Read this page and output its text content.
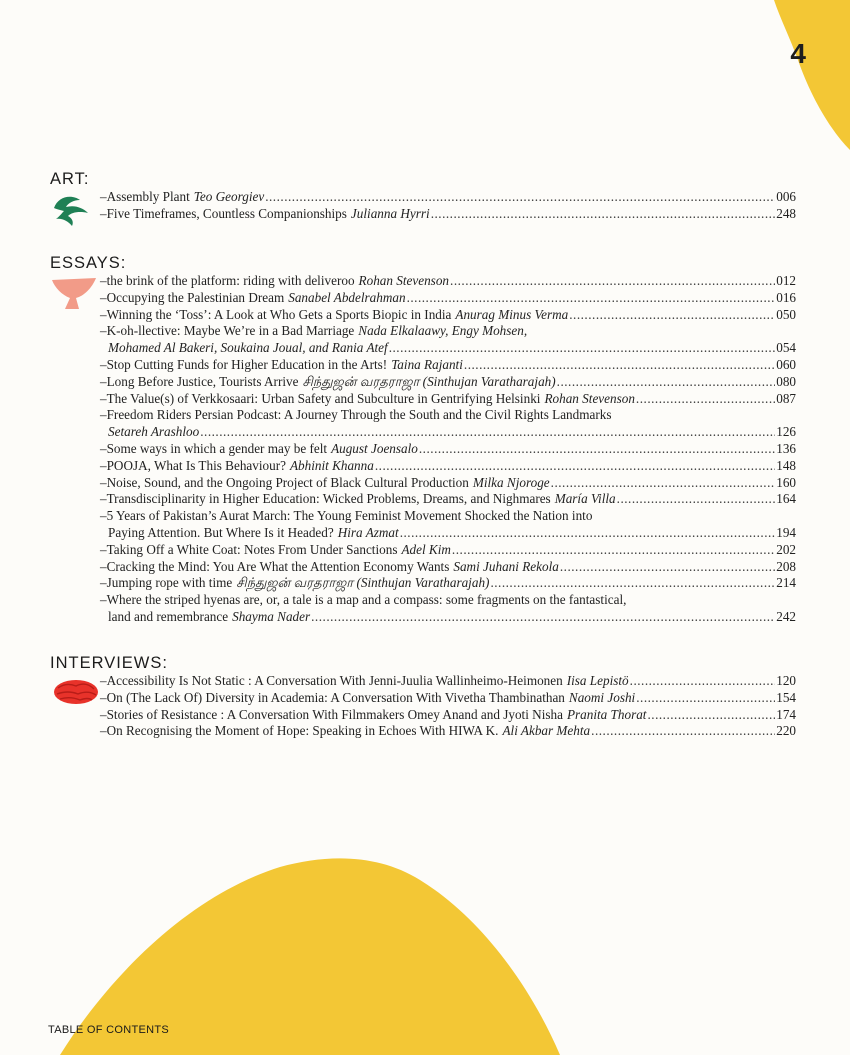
4
ART:
–Assembly Plant Teo Georgiev .....	006
–Five Timeframes, Countless Companionships Julianna Hyrri .....	248
ESSAYS:
–the brink of the platform: riding with deliveroo Rohan Stevenson .....	012
–Occupying the Palestinian Dream Sanabel Abdelrahman .....	016
–Winning the ‘Toss’: A Look at Who Gets a Sports Biopic in India Anurag Minus Verma .....	050
–K-oh-llective: Maybe We’re in a Bad Marriage Nada Elkalaawy, Engy Mohsen,
Mohamed Al Bakeri, Soukaina Joual, and Rania Atef .....	054
–Stop Cutting Funds for Higher Education in the Arts! Taina Rajanti .....	060
–Long Before Justice, Tourists Arrive சிந்துஜன் வரதராஜா (Sinthujan Varatharajah) .....	080
–The Value(s) of Verkkosaari: Urban Safety and Subculture in Gentrifying Helsinki Rohan Stevenson .....	087
–Freedom Riders Persian Podcast: A Journey Through the South and the Civil Rights Landmarks
Setareh Arashloo .....	126
–Some ways in which a gender may be felt August Joensalo .....	136
–POOJA, What Is This Behaviour? Abhinit Khanna .....	148
–Noise, Sound, and the Ongoing Project of Black Cultural Production Milka Njoroge .....	160
–Transdisciplinarity in Higher Education: Wicked Problems, Dreams, and Nighmares María Villa .....	164
–5 Years of Pakistan’s Aurat March: The Young Feminist Movement Shocked the Nation into
Paying Attention. But Where Is it Headed? Hira Azmat .....	194
–Taking Off a White Coat: Notes From Under Sanctions Adel Kim .....	202
–Cracking the Mind: You Are What the Attention Economy Wants Sami Juhani Rekola .....	208
–Jumping rope with time சிந்துஜன் வரதராஜா (Sinthujan Varatharajah) .....	214
–Where the striped hyenas are, or, a tale is a map and a compass: some fragments on the fantastical,
land and remembrance Shayma Nader .....	242
INTERVIEWS:
–Accessibility Is Not Static : A Conversation With Jenni-Juulia Wallinheimo-Heimonen Iisa Lepistö .....	120
–On (The Lack Of) Diversity in Academia: A Conversation With Vivetha Thambinathan Naomi Joshi .....	154
–Stories of Resistance : A Conversation With Filmmakers Omey Anand and Jyoti Nisha Pranita Thorat .....	174
–On Recognising the Moment of Hope: Speaking in Echoes With HIWA K. Ali Akbar Mehta .....	220
TABLE OF CONTENTS
